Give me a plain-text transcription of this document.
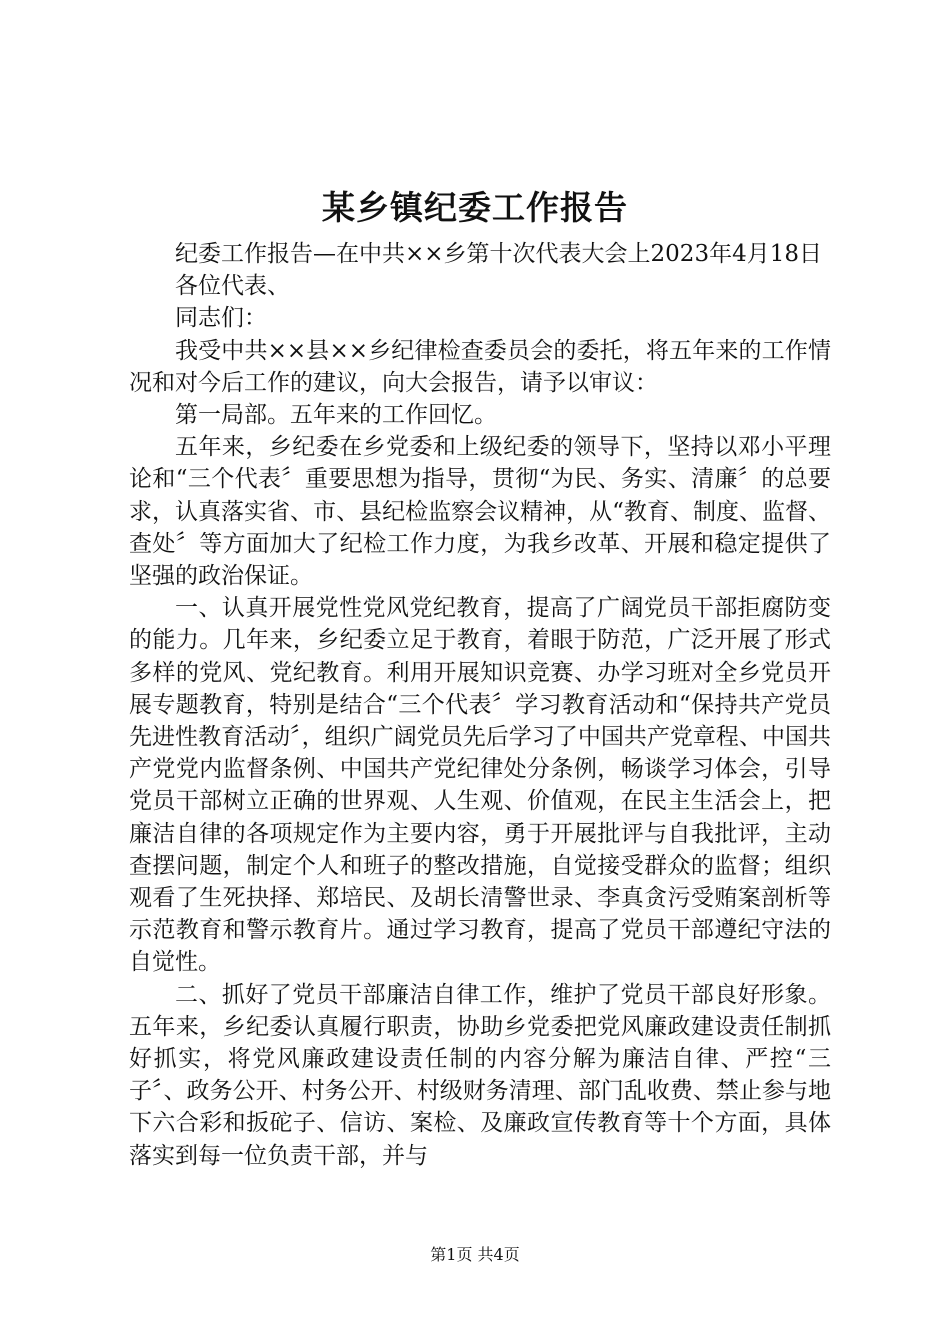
某乡镇纪委工作报告

纪委工作报告—在中共××乡第十次代表大会上2023年4月18日

各位代表、

同志们：

我受中共××县××乡纪律检查委员会的委托，将五年来的工作情况和对今后工作的建议，向大会报告，请予以审议：

第一局部。五年来的工作回忆。

五年来，乡纪委在乡党委和上级纪委的领导下，坚持以邓小平理论和“三个代表〞重要思想为指导，贯彻“为民、务实、清廉〞的总要求，认真落实省、市、县纪检监察会议精神，从“教育、制度、监督、查处〞等方面加大了纪检工作力度，为我乡改革、开展和稳定提供了坚强的政治保证。

一、认真开展党性党风党纪教育，提高了广阔党员干部拒腐防变的能力。几年来，乡纪委立足于教育，着眼于防范，广泛开展了形式多样的党风、党纪教育。利用开展知识竞赛、办学习班对全乡党员开展专题教育，特别是结合“三个代表〞学习教育活动和“保持共产党员先进性教育活动〞，组织广阔党员先后学习了中国共产党章程、中国共产党党内监督条例、中国共产党纪律处分条例，畅谈学习体会，引导党员干部树立正确的世界观、人生观、价值观，在民主生活会上，把廉洁自律的各项规定作为主要内容，勇于开展批评与自我批评，主动查摆问题，制定个人和班子的整改措施，自觉接受群众的监督；组织观看了生死抉择、郑培民、及胡长清警世录、李真贪污受贿案剖析等示范教育和警示教育片。通过学习教育，提高了党员干部遵纪守法的自觉性。

二、抓好了党员干部廉洁自律工作，维护了党员干部良好形象。五年来，乡纪委认真履行职责，协助乡党委把党风廉政建设责任制抓好抓实，将党风廉政建设责任制的内容分解为廉洁自律、严控“三子〞、政务公开、村务公开、村级财务清理、部门乱收费、禁止参与地下六合彩和扳砣子、信访、案检、及廉政宣传教育等十个方面，具体落实到每一位负责干部，并与

第1页 共4页
